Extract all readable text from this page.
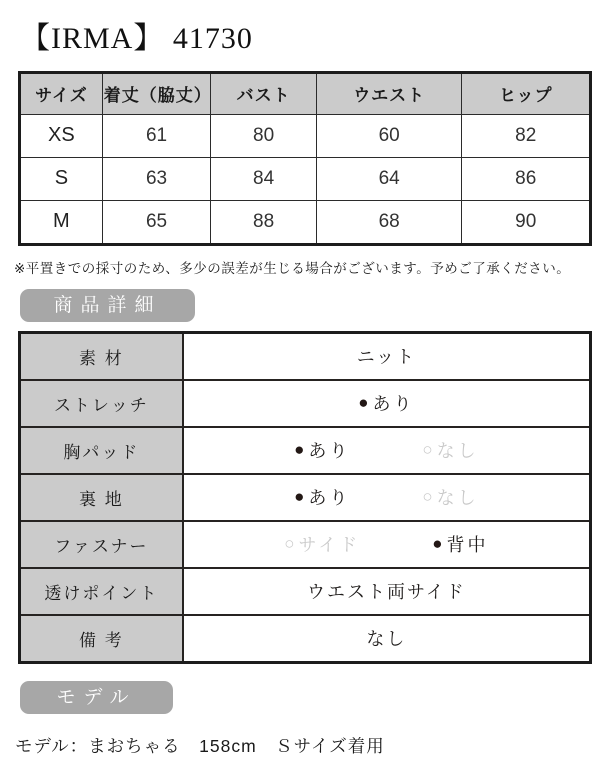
【IRMA】 41730
サイズ	着丈（脇丈）	バスト	ウエスト	ヒップ
XS	61	80	60	82
S	63	84	64	86
M	65	88	68	90

※平置きでの採寸のため、多少の誤差が生じる場合がございます。予めご了承ください。

商品詳細
素 材	ニット
ストレッチ	● あり

胸パッド	● あり ○ なし

裏 地	● あり ○ なし

ファスナー	○ サイド ● 背中

透けポイント	ウエスト両サイド
備 考	なし
モデル

モデル：まおちゃる　158cm　Ｓサイズ着用
